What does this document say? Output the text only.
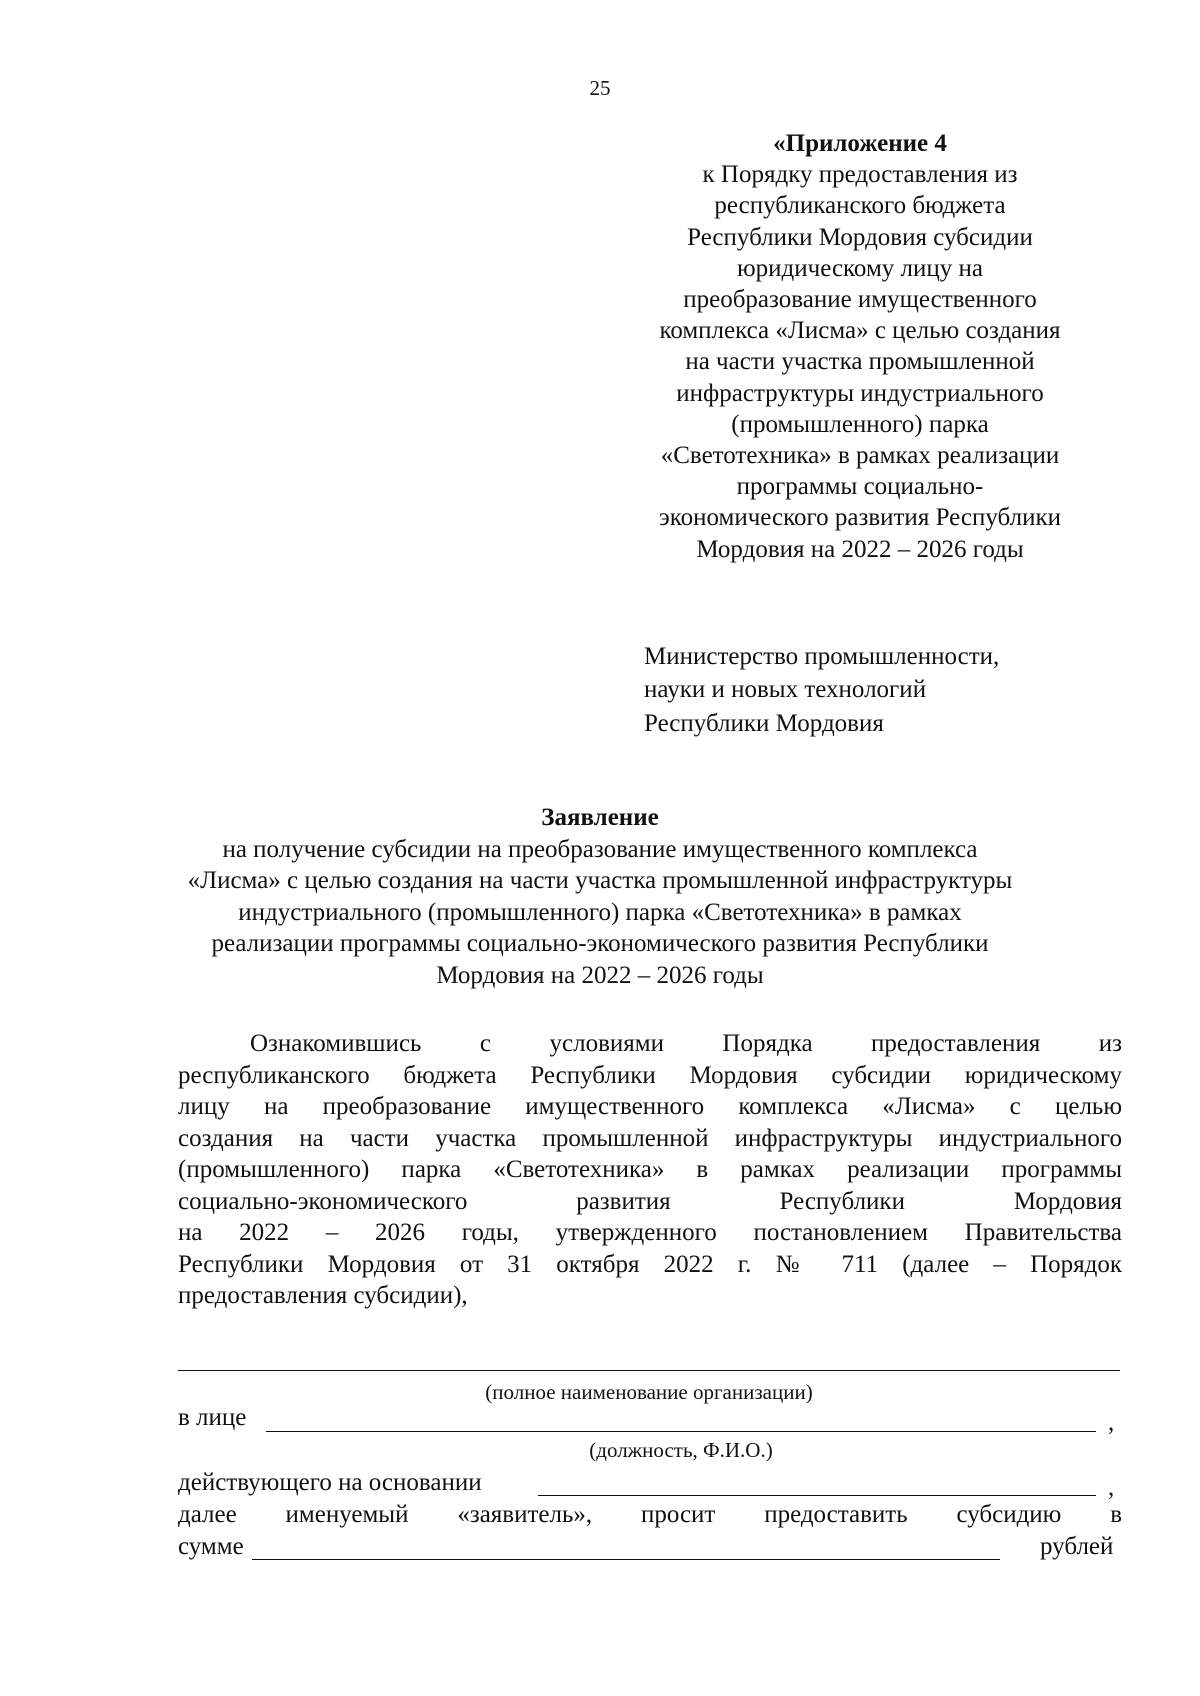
25
«Приложение 4
к Порядку предоставления из
республиканского бюджета
Республики Мордовия субсидии
юридическому лицу на
преобразование имущественного
комплекса «Лисма» с целью создания
на части участка промышленной
инфраструктуры индустриального
(промышленного) парка
«Светотехника» в рамках реализации
программы социально-
экономического развития Республики
Мордовия на 2022 – 2026 годы
Министерство промышленности,
науки и новых технологий
Республики Мордовия
Заявление
на получение субсидии на преобразование имущественного комплекса
«Лисма» с целью создания на части участка промышленной инфраструктуры
индустриального (промышленного) парка «Светотехника» в рамках
реализации программы социально-экономического развития Республики
Мордовия на 2022 – 2026 годы
Ознакомившись с условиями Порядка предоставления из
республиканского бюджета Республики Мордовия субсидии юридическому
лицу на преобразование имущественного комплекса «Лисма» с целью
создания на части участка промышленной инфраструктуры индустриального
(промышленного) парка «Светотехника» в рамках реализации программы
социально-экономического развития Республики Мордовия
на 2022 – 2026 годы, утвержденного постановлением Правительства
Республики Мордовия от 31 октября 2022 г. № 711 (далее – Порядок
предоставления субсидии),
(полное наименование организации)
в лице	,
(должность, Ф.И.О.)
действующего на основании	,
далее именуемый «заявитель», просит предоставить субсидию в
сумме	рублей
